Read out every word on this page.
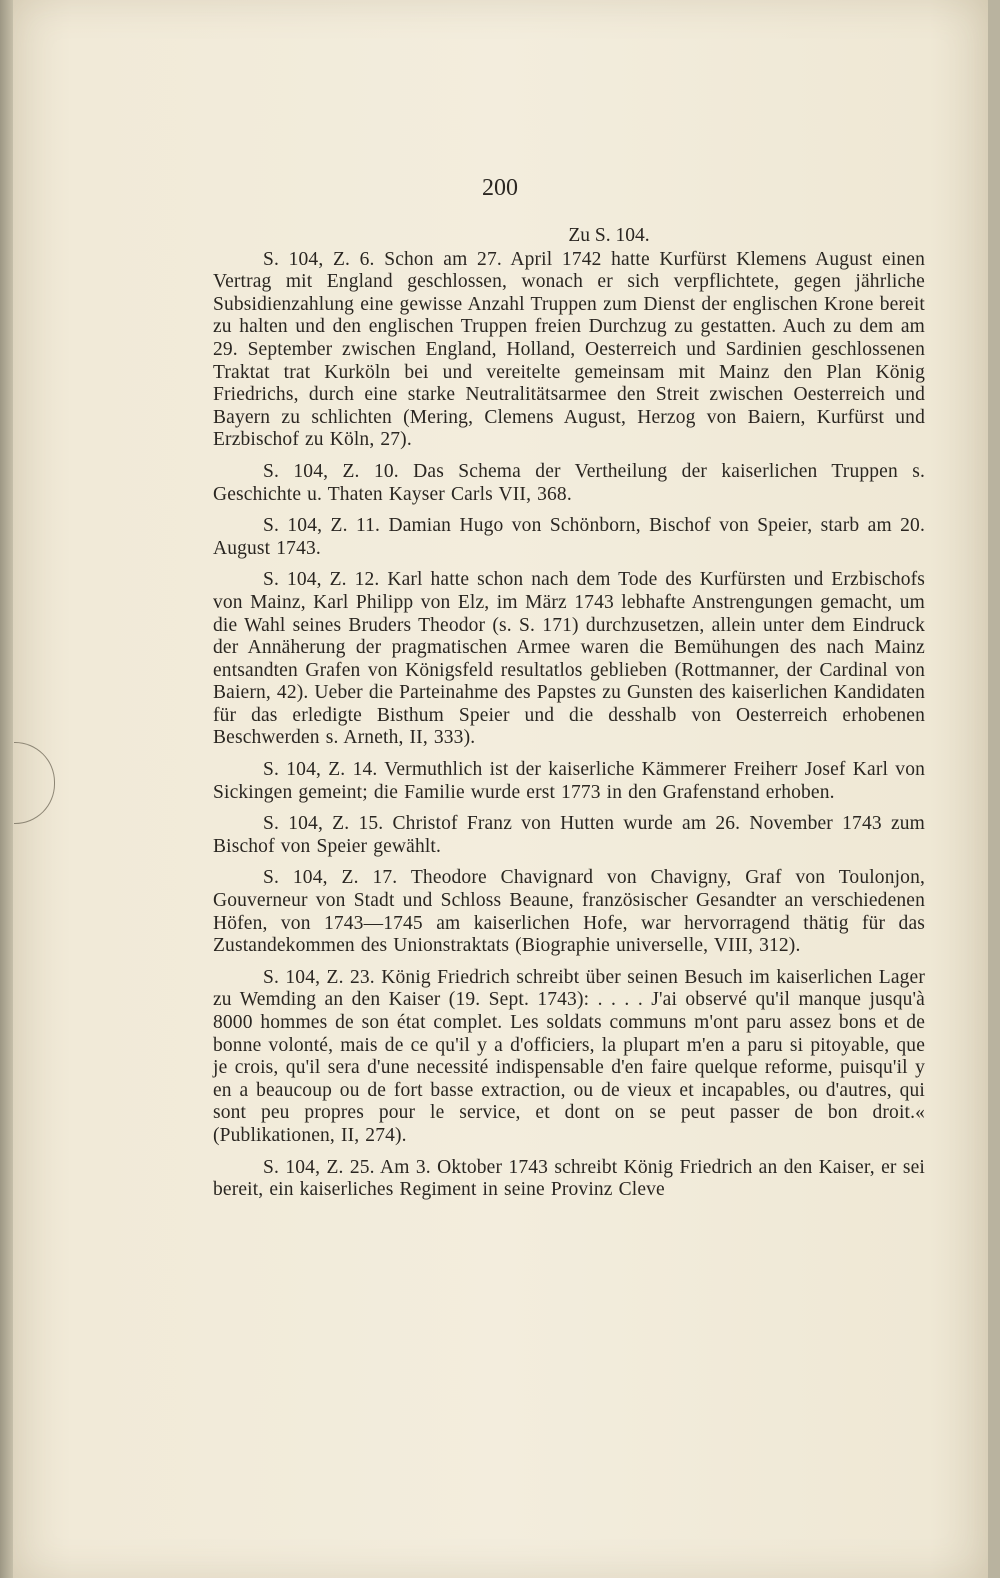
200
Zu S. 104.

S. 104, Z. 6. Schon am 27. April 1742 hatte Kurfürst Klemens August einen Vertrag mit England geschlossen, wonach er sich verpflichtete, gegen jährliche Subsidienzahlung eine gewisse Anzahl Truppen zum Dienst der englischen Krone bereit zu halten und den englischen Truppen freien Durchzug zu gestatten. Auch zu dem am 29. September zwischen England, Holland, Oesterreich und Sardinien geschlossenen Traktat trat Kurköln bei und vereitelte gemeinsam mit Mainz den Plan König Friedrichs, durch eine starke Neutralitätsarmee den Streit zwischen Oesterreich und Bayern zu schlichten (Mering, Clemens August, Herzog von Baiern, Kurfürst und Erzbischof zu Köln, 27).

S. 104, Z. 10. Das Schema der Vertheilung der kaiserlichen Truppen s. Geschichte u. Thaten Kayser Carls VII, 368.

S. 104, Z. 11. Damian Hugo von Schönborn, Bischof von Speier, starb am 20. August 1743.

S. 104, Z. 12. Karl hatte schon nach dem Tode des Kurfürsten und Erzbischofs von Mainz, Karl Philipp von Elz, im März 1743 lebhafte Anstrengungen gemacht, um die Wahl seines Bruders Theodor (s. S. 171) durchzusetzen, allein unter dem Eindruck der Annäherung der pragmatischen Armee waren die Bemühungen des nach Mainz entsandten Grafen von Königsfeld resultatlos geblieben (Rottmanner, der Cardinal von Baiern, 42). Ueber die Parteinahme des Papstes zu Gunsten des kaiserlichen Kandidaten für das erledigte Bisthum Speier und die desshalb von Oesterreich erhobenen Beschwerden s. Arneth, II, 333).

S. 104, Z. 14. Vermuthlich ist der kaiserliche Kämmerer Freiherr Josef Karl von Sickingen gemeint; die Familie wurde erst 1773 in den Grafenstand erhoben.

S. 104, Z. 15. Christof Franz von Hutten wurde am 26. November 1743 zum Bischof von Speier gewählt.

S. 104, Z. 17. Theodore Chavignard von Chavigny, Graf von Toulonjon, Gouverneur von Stadt und Schloss Beaune, französischer Gesandter an verschiedenen Höfen, von 1743—1745 am kaiserlichen Hofe, war hervorragend thätig für das Zustandekommen des Unionstraktats (Biographie universelle, VIII, 312).

S. 104, Z. 23. König Friedrich schreibt über seinen Besuch im kaiserlichen Lager zu Wemding an den Kaiser (19. Sept. 1743): . . . . J'ai observé qu'il manque jusqu'à 8000 hommes de son état complet. Les soldats communs m'ont paru assez bons et de bonne volonté, mais de ce qu'il y a d'officiers, la plupart m'en a paru si pitoyable, que je crois, qu'il sera d'une necessité indispensable d'en faire quelque reforme, puisqu'il y en a beaucoup ou de fort basse extraction, ou de vieux et incapables, ou d'autres, qui sont peu propres pour le service, et dont on se peut passer de bon droit.« (Publikationen, II, 274).

S. 104, Z. 25. Am 3. Oktober 1743 schreibt König Friedrich an den Kaiser, er sei bereit, ein kaiserliches Regiment in seine Provinz Cleve
